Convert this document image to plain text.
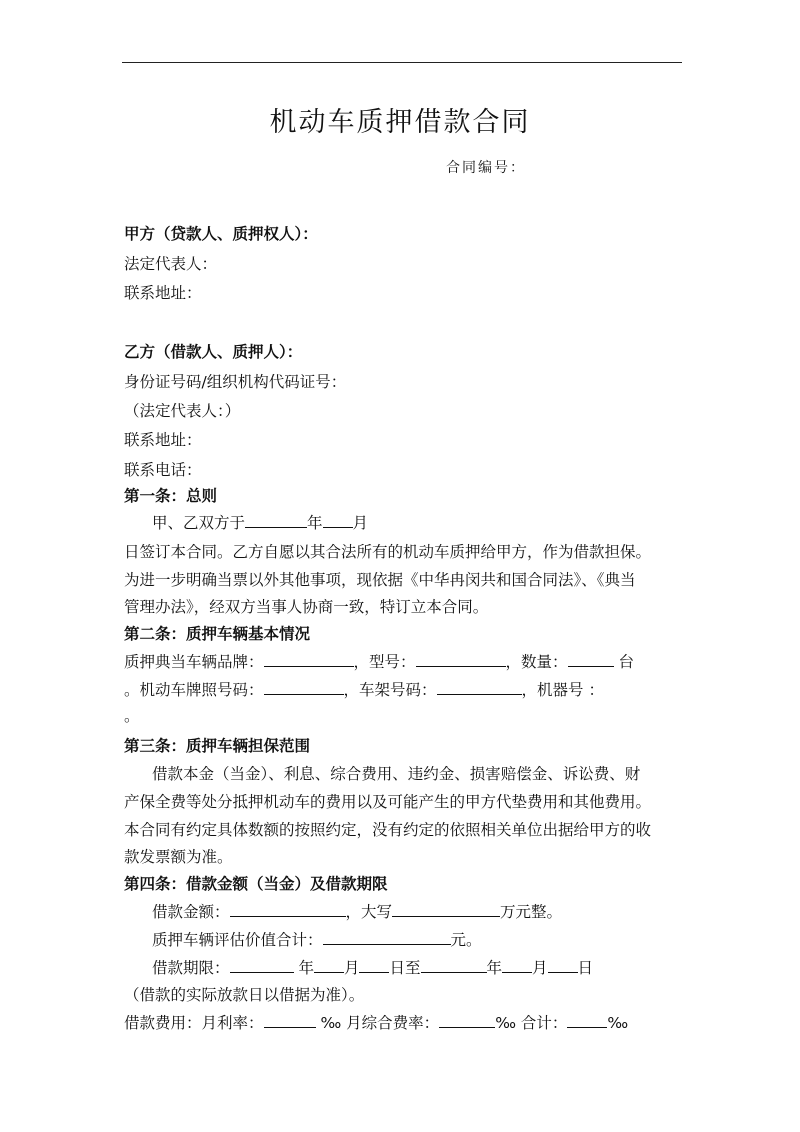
机动车质押借款合同
合同编号：
甲方（贷款人、质押权人）：
法定代表人：
联系地址：
乙方（借款人、质押人）：
身份证号码/组织机构代码证号：
（法定代表人：）
联系地址：
联系电话：
第一条：总则
甲、乙双方于	年 月
日签订本合同。乙方自愿以其合法所有的机动车质押给甲方，作为借款担保。
为进一步明确当票以外其他事项，现依据《中华冉闵共和国合同法》、《典当
管理办法》，经双方当事人协商一致，特订立本合同。
第二条：质押车辆基本情况
质押典当车辆品牌：	，型号：	，数量：	台
。机动车牌照号码：	，车架号码：	，机器号 ：
。
第三条：质押车辆担保范围
借款本金（当金）、利息、综合费用、违约金、损害赔偿金、诉讼费、财
产保全费等处分抵押机动车的费用以及可能产生的甲方代垫费用和其他费用。
本合同有约定具体数额的按照约定，没有约定的依照相关单位出据给甲方的收
款发票额为准。
第四条：借款金额（当金）及借款期限
借款金额：	，大写	万元整。
质押车辆评估价值合计：	元。
借款期限：	年 月 日至	年 月 日
（借款的实际放款日以借据为准）。
借款费用：月利率：	‰ 月综合费率：	‰ 合计：	‰
